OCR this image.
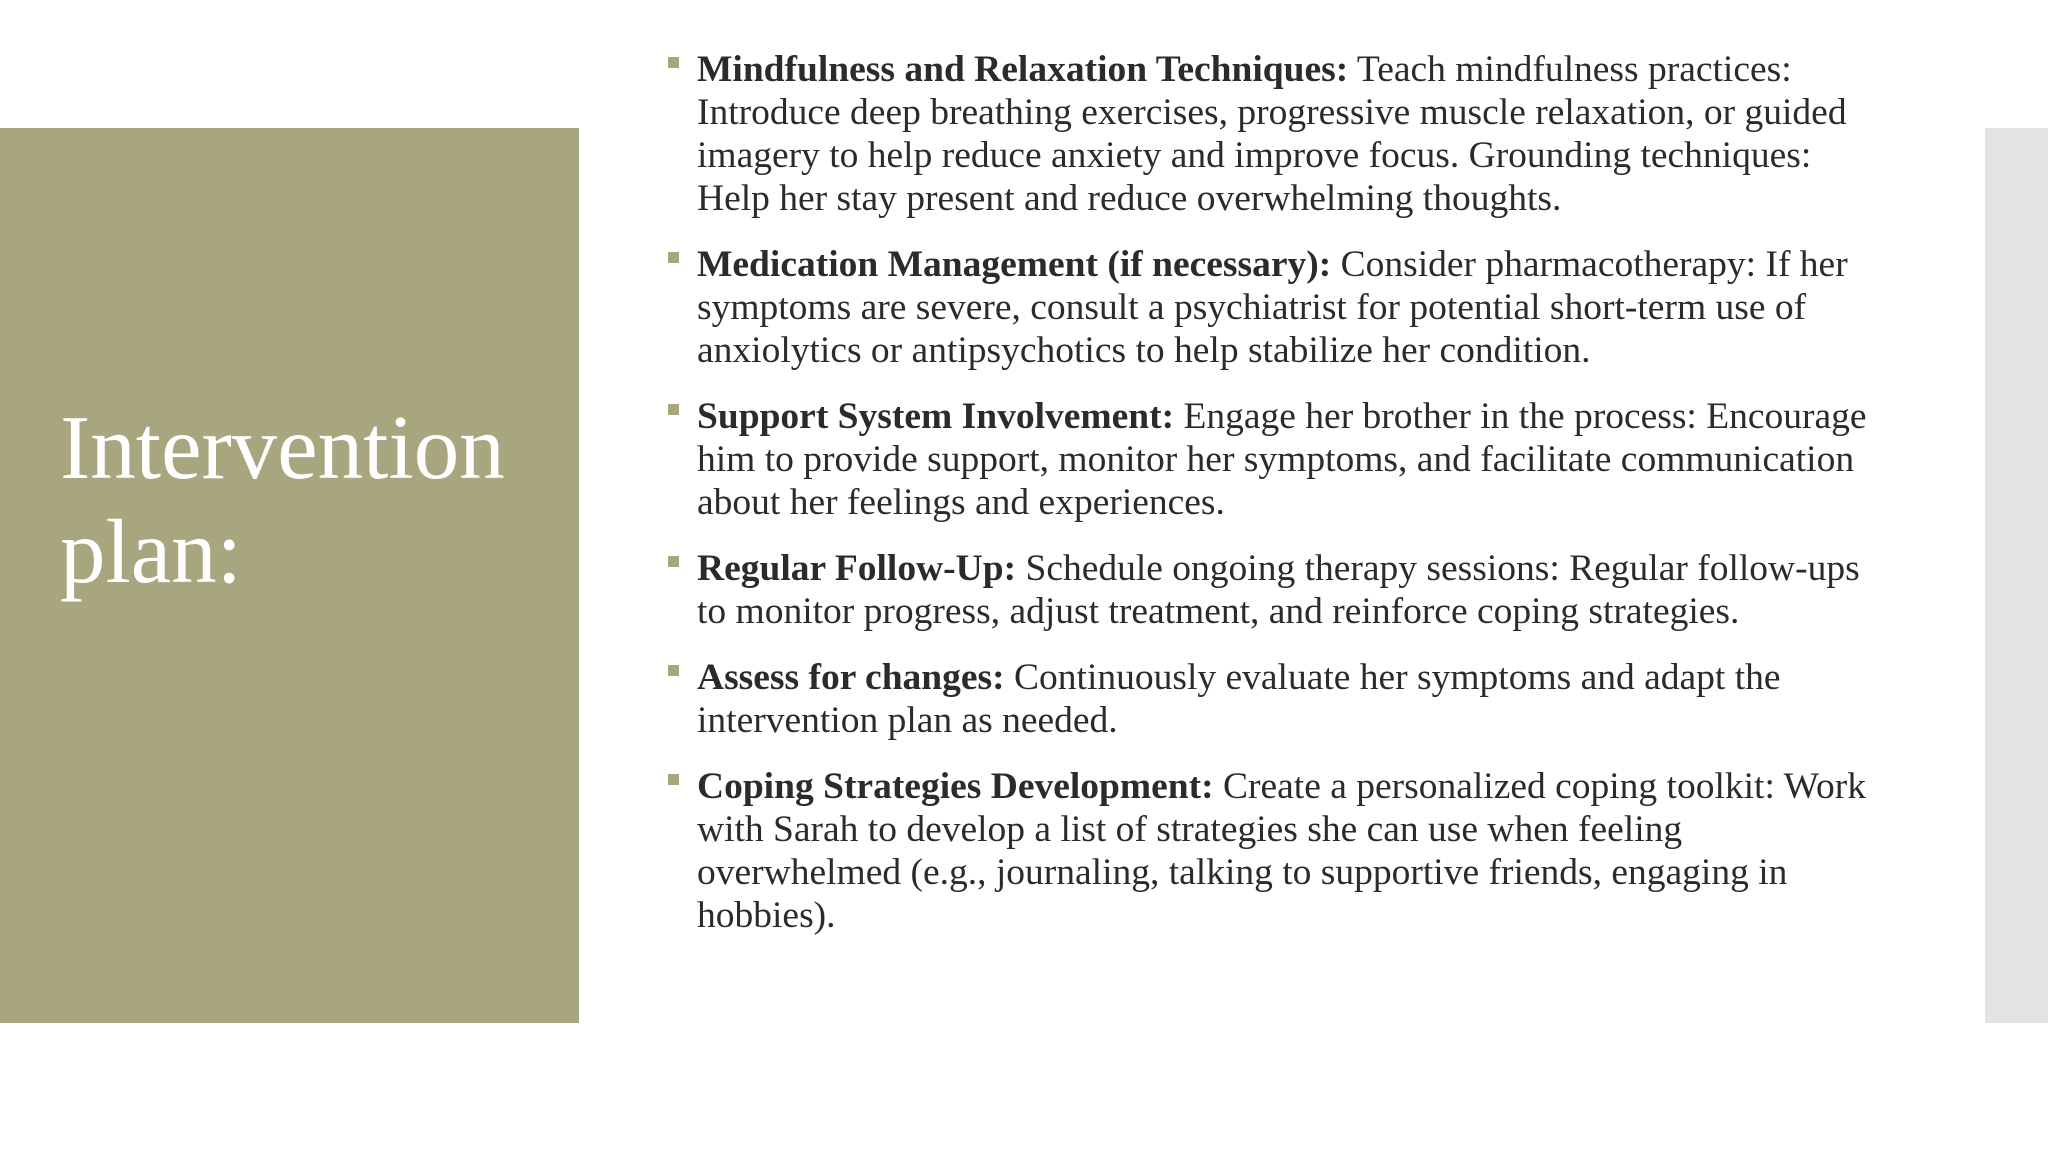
Intervention plan:
Mindfulness and Relaxation Techniques: Teach mindfulness practices: Introduce deep breathing exercises, progressive muscle relaxation, or guided imagery to help reduce anxiety and improve focus. Grounding techniques: Help her stay present and reduce overwhelming thoughts.
Medication Management (if necessary): Consider pharmacotherapy: If her symptoms are severe, consult a psychiatrist for potential short-term use of anxiolytics or antipsychotics to help stabilize her condition.
Support System Involvement: Engage her brother in the process: Encourage him to provide support, monitor her symptoms, and facilitate communication about her feelings and experiences.
Regular Follow-Up: Schedule ongoing therapy sessions: Regular follow-ups to monitor progress, adjust treatment, and reinforce coping strategies.
Assess for changes: Continuously evaluate her symptoms and adapt the intervention plan as needed.
Coping Strategies Development: Create a personalized coping toolkit: Work with Sarah to develop a list of strategies she can use when feeling overwhelmed (e.g., journaling, talking to supportive friends, engaging in hobbies).
